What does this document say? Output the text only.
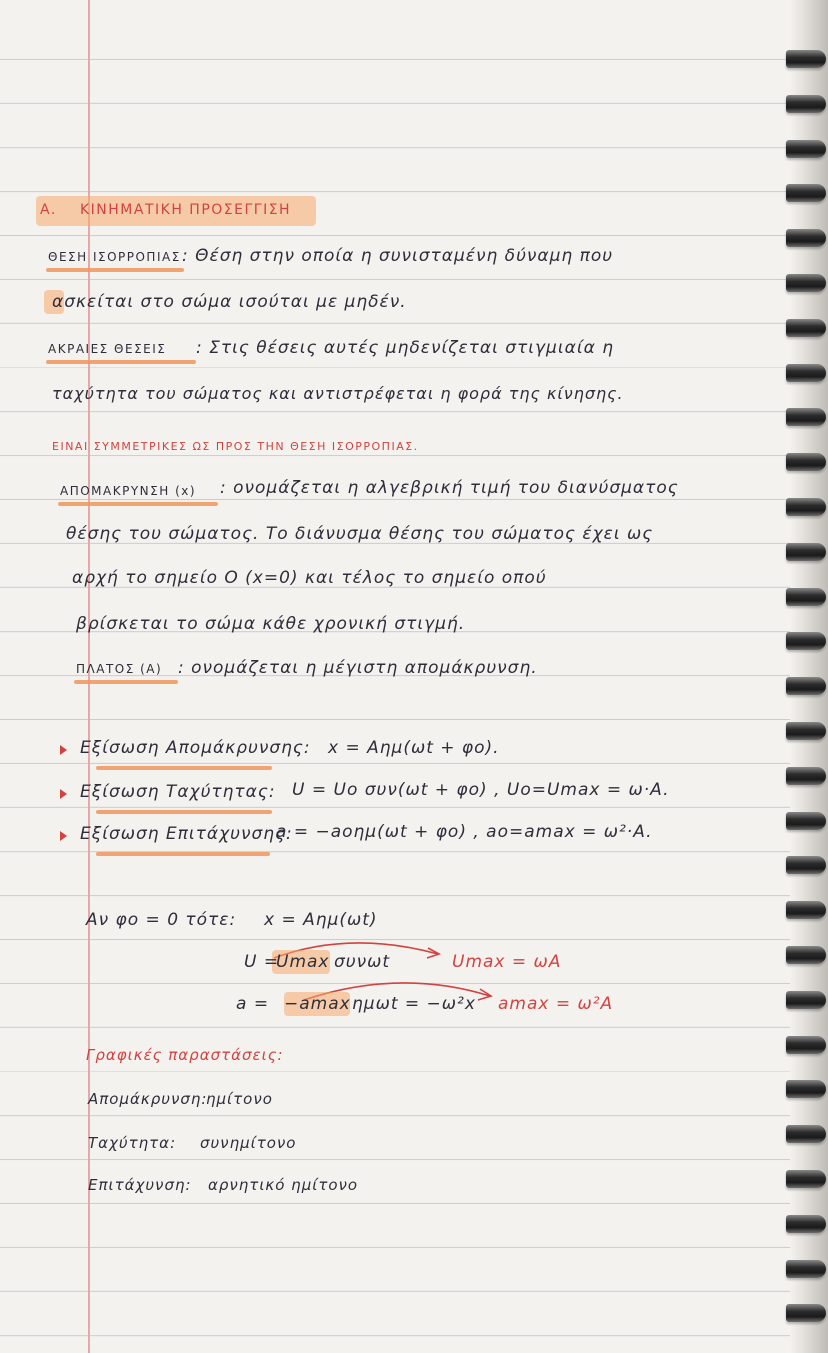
A. ΚΙΝΗΜΑΤΙΚΗ ΠΡΟΣΕΓΓΙΣΗ
ΘΕΣΗ ΙΣΟΡΡΟΠΙΑΣ : Θέση στην οποία η συνισταμένη δύναμη που
ασκείται στο σώμα ισούται με μηδέν.
ΑΚΡΑΙΕΣ ΘΕΣΕΙΣ : Στις θέσεις αυτές μηδενίζεται στιγμιαία η
ταχύτητα του σώματος και αντιστρέφεται η φορά της κίνησης.
ΕΙΝΑΙ ΣΥΜΜΕΤΡΙΚΕΣ ΩΣ ΠΡΟΣ ΤΗΝ ΘΕΣΗ ΙΣΟΡΡΟΠΙΑΣ.
ΑΠΟΜΑΚΡΥΝΣΗ (x) : ονομάζεται η αλγεβρική τιμή του διανύσματος
θέσης του σώματος. Το διάνυσμα θέσης του σώματος έχει ως
αρχή το σημείο O (x=0) και τέλος το σημείο οπού
βρίσκεται το σώμα κάθε χρονική στιγμή.
ΠΛΑΤΟΣ (A) : ονομάζεται η μέγιστη απομάκρυνση.
Εξίσωση Απομάκρυνσης: x = Aημ(ωt + φο).
Εξίσωση Ταχύτητας: U = Uo συν(ωt + φο) , Uo=Umax = ω·A.
Εξίσωση Επιτάχυνσης:
a = −aoημ(ωt + φο) , ao=amax = ω²·A.
Αν φο = 0 τότε: x = Aημ(ωt)
U =
Umax συνωt	Umax = ωA
a = −amax ημωt = −ω²x amax = ω²A
Γραφικές παραστάσεις:
Απομάκρυνση:
ημίτονο
Ταχύτητα: συνημίτονο
Επιτάχυνση: αρνητικό ημίτονο
